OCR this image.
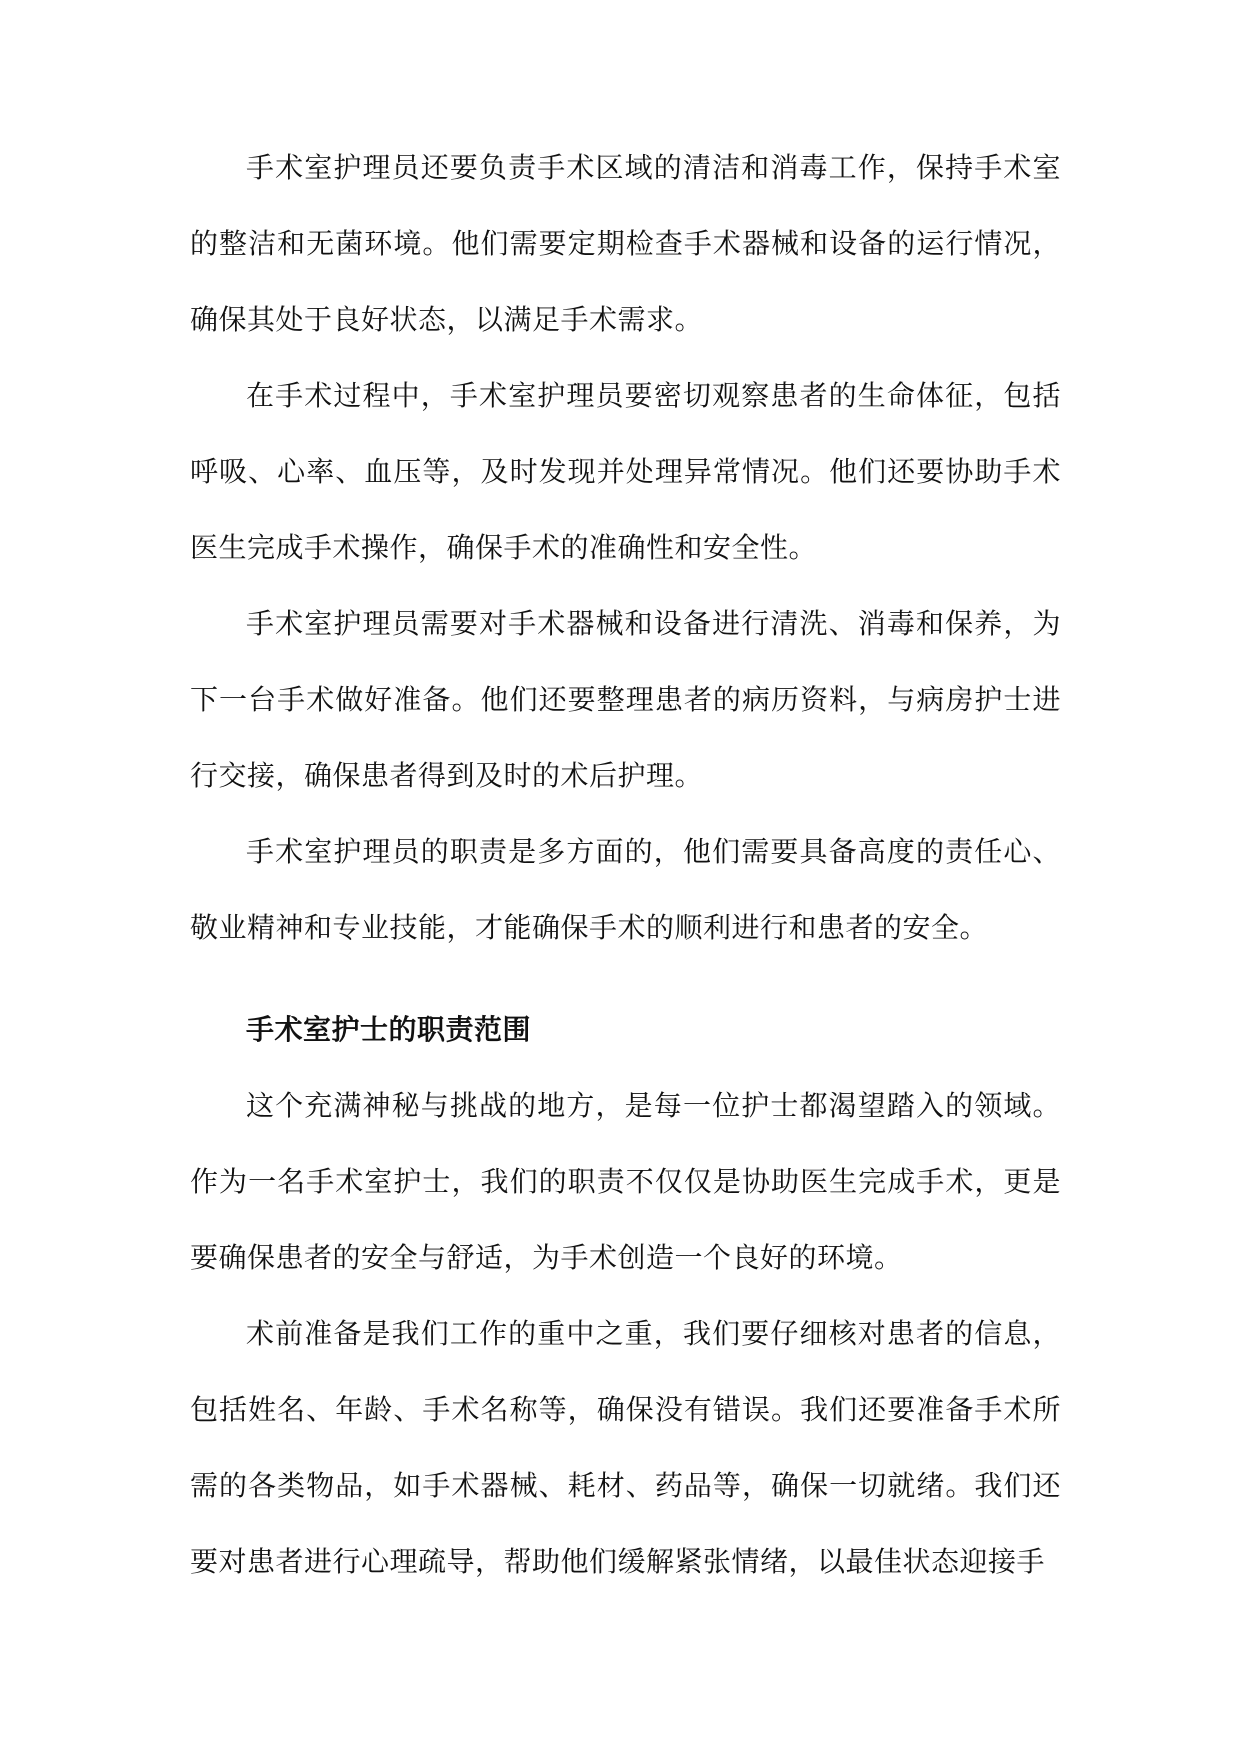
手术室护理员还要负责手术区域的清洁和消毒工作，保持手术室的整洁和无菌环境。他们需要定期检查手术器械和设备的运行情况，确保其处于良好状态，以满足手术需求。

在手术过程中，手术室护理员要密切观察患者的生命体征，包括呼吸、心率、血压等，及时发现并处理异常情况。他们还要协助手术医生完成手术操作，确保手术的准确性和安全性。

手术室护理员需要对手术器械和设备进行清洗、消毒和保养，为下一台手术做好准备。他们还要整理患者的病历资料，与病房护士进行交接，确保患者得到及时的术后护理。

手术室护理员的职责是多方面的，他们需要具备高度的责任心、敬业精神和专业技能，才能确保手术的顺利进行和患者的安全。

手术室护士的职责范围

这个充满神秘与挑战的地方，是每一位护士都渴望踏入的领域。作为一名手术室护士，我们的职责不仅仅是协助医生完成手术，更是要确保患者的安全与舒适，为手术创造一个良好的环境。

术前准备是我们工作的重中之重，我们要仔细核对患者的信息，包括姓名、年龄、手术名称等，确保没有错误。我们还要准备手术所需的各类物品，如手术器械、耗材、药品等，确保一切就绪。我们还要对患者进行心理疏导，帮助他们缓解紧张情绪，以最佳状态迎接手
